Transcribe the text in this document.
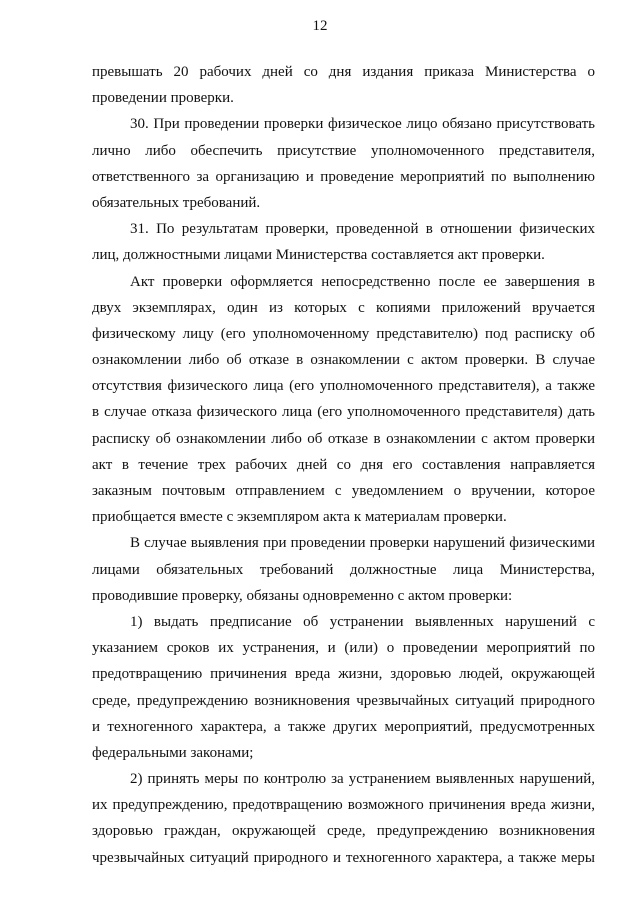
12
превышать 20 рабочих дней со дня издания приказа Министерства о
проведении проверки.
30. При проведении проверки физическое лицо обязано присутствовать
лично либо обеспечить присутствие уполномоченного представителя,
ответственного за организацию и проведение мероприятий по выполнению
обязательных требований.
31. По результатам проверки, проведенной в отношении физических
лиц, должностными лицами Министерства составляется акт проверки.
Акт проверки оформляется непосредственно после ее завершения в
двух экземплярах, один из которых с копиями приложений вручается
физическому лицу (его уполномоченному представителю) под расписку об
ознакомлении либо об отказе в ознакомлении с актом проверки. В случае
отсутствия физического лица (его уполномоченного представителя), а также
в случае отказа физического лица (его уполномоченного представителя) дать
расписку об ознакомлении либо об отказе в ознакомлении с актом проверки
акт в течение трех рабочих дней со дня его составления направляется
заказным почтовым отправлением с уведомлением о вручении, которое
приобщается вместе с экземпляром акта к материалам проверки.
В случае выявления при проведении проверки нарушений физическими
лицами обязательных требований должностные лица Министерства,
проводившие проверку, обязаны одновременно с актом проверки:
1) выдать предписание об устранении выявленных нарушений с
указанием сроков их устранения, и (или) о проведении мероприятий по
предотвращению причинения вреда жизни, здоровью людей, окружающей
среде, предупреждению возникновения чрезвычайных ситуаций природного
и техногенного характера, а также других мероприятий, предусмотренных
федеральными законами;
2) принять меры по контролю за устранением выявленных нарушений,
их предупреждению, предотвращению возможного причинения вреда жизни,
здоровью граждан, окружающей среде, предупреждению возникновения
чрезвычайных ситуаций природного и техногенного характера, а также меры
